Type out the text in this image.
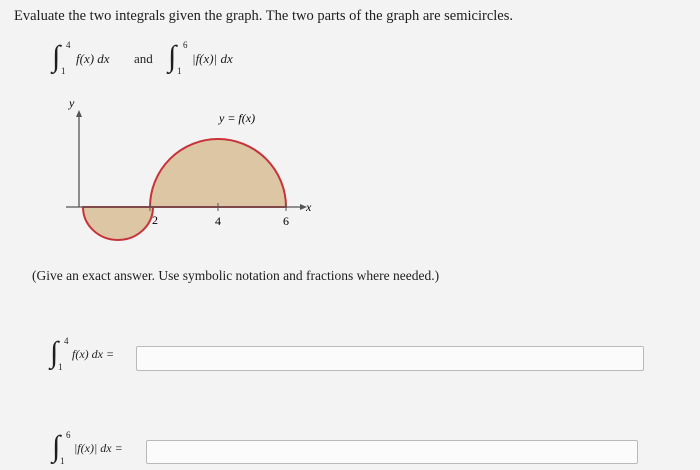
Evaluate the two integrals given the graph. The two parts of the graph are semicircles.
∫ 4
1
f(x) dx and ∫ 6
1
|f(x)| dx
y
x
y = f(x)
2	4	6
(Give an exact answer. Use symbolic notation and fractions where needed.)
∫ 4
1
f(x) dx =
∫ 6
1
|f(x)| dx =
